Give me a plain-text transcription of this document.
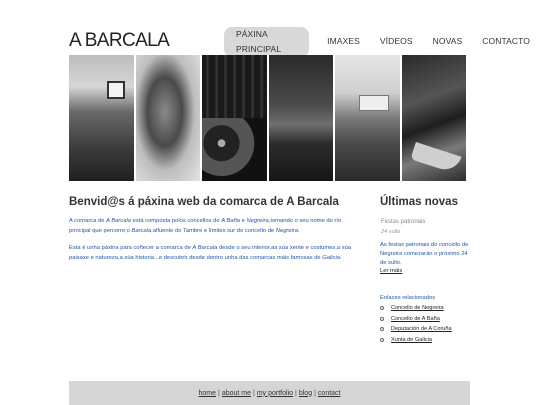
A BARCALA	PÁXINA PRINCIPAL
IMAXES VÍDEOS NOVAS CONTACTO
Benvid@s á páxina web da comarca de A Barcala

A comarca de A Barcala está composta polos concellos de A Baña e Negreira,tomando o seu nome do río principal que percorre,o Barcala,afluente do Tambre e límites sur do concello de Negreira.

Esta é unha páxina para coñecer a comarca de A Barcala desde o seu interior,as súa xente e costumes,a súa paisaxe e natureza,a súa historia...e descubrir desde dentro unha das comarcas máis famosas de Galicia.

Últimas novas
Festas patronais
24 xullo
As festas patronais do concello de Negreira comezarán o próximo 24 de xullo.
Ler máis
Enlaces relacionados
Concello de Negreira
Concello de A Baña
Deputación de A Coruña
Xunta de Galicia
home | about me | my portfolio | blog | contact
